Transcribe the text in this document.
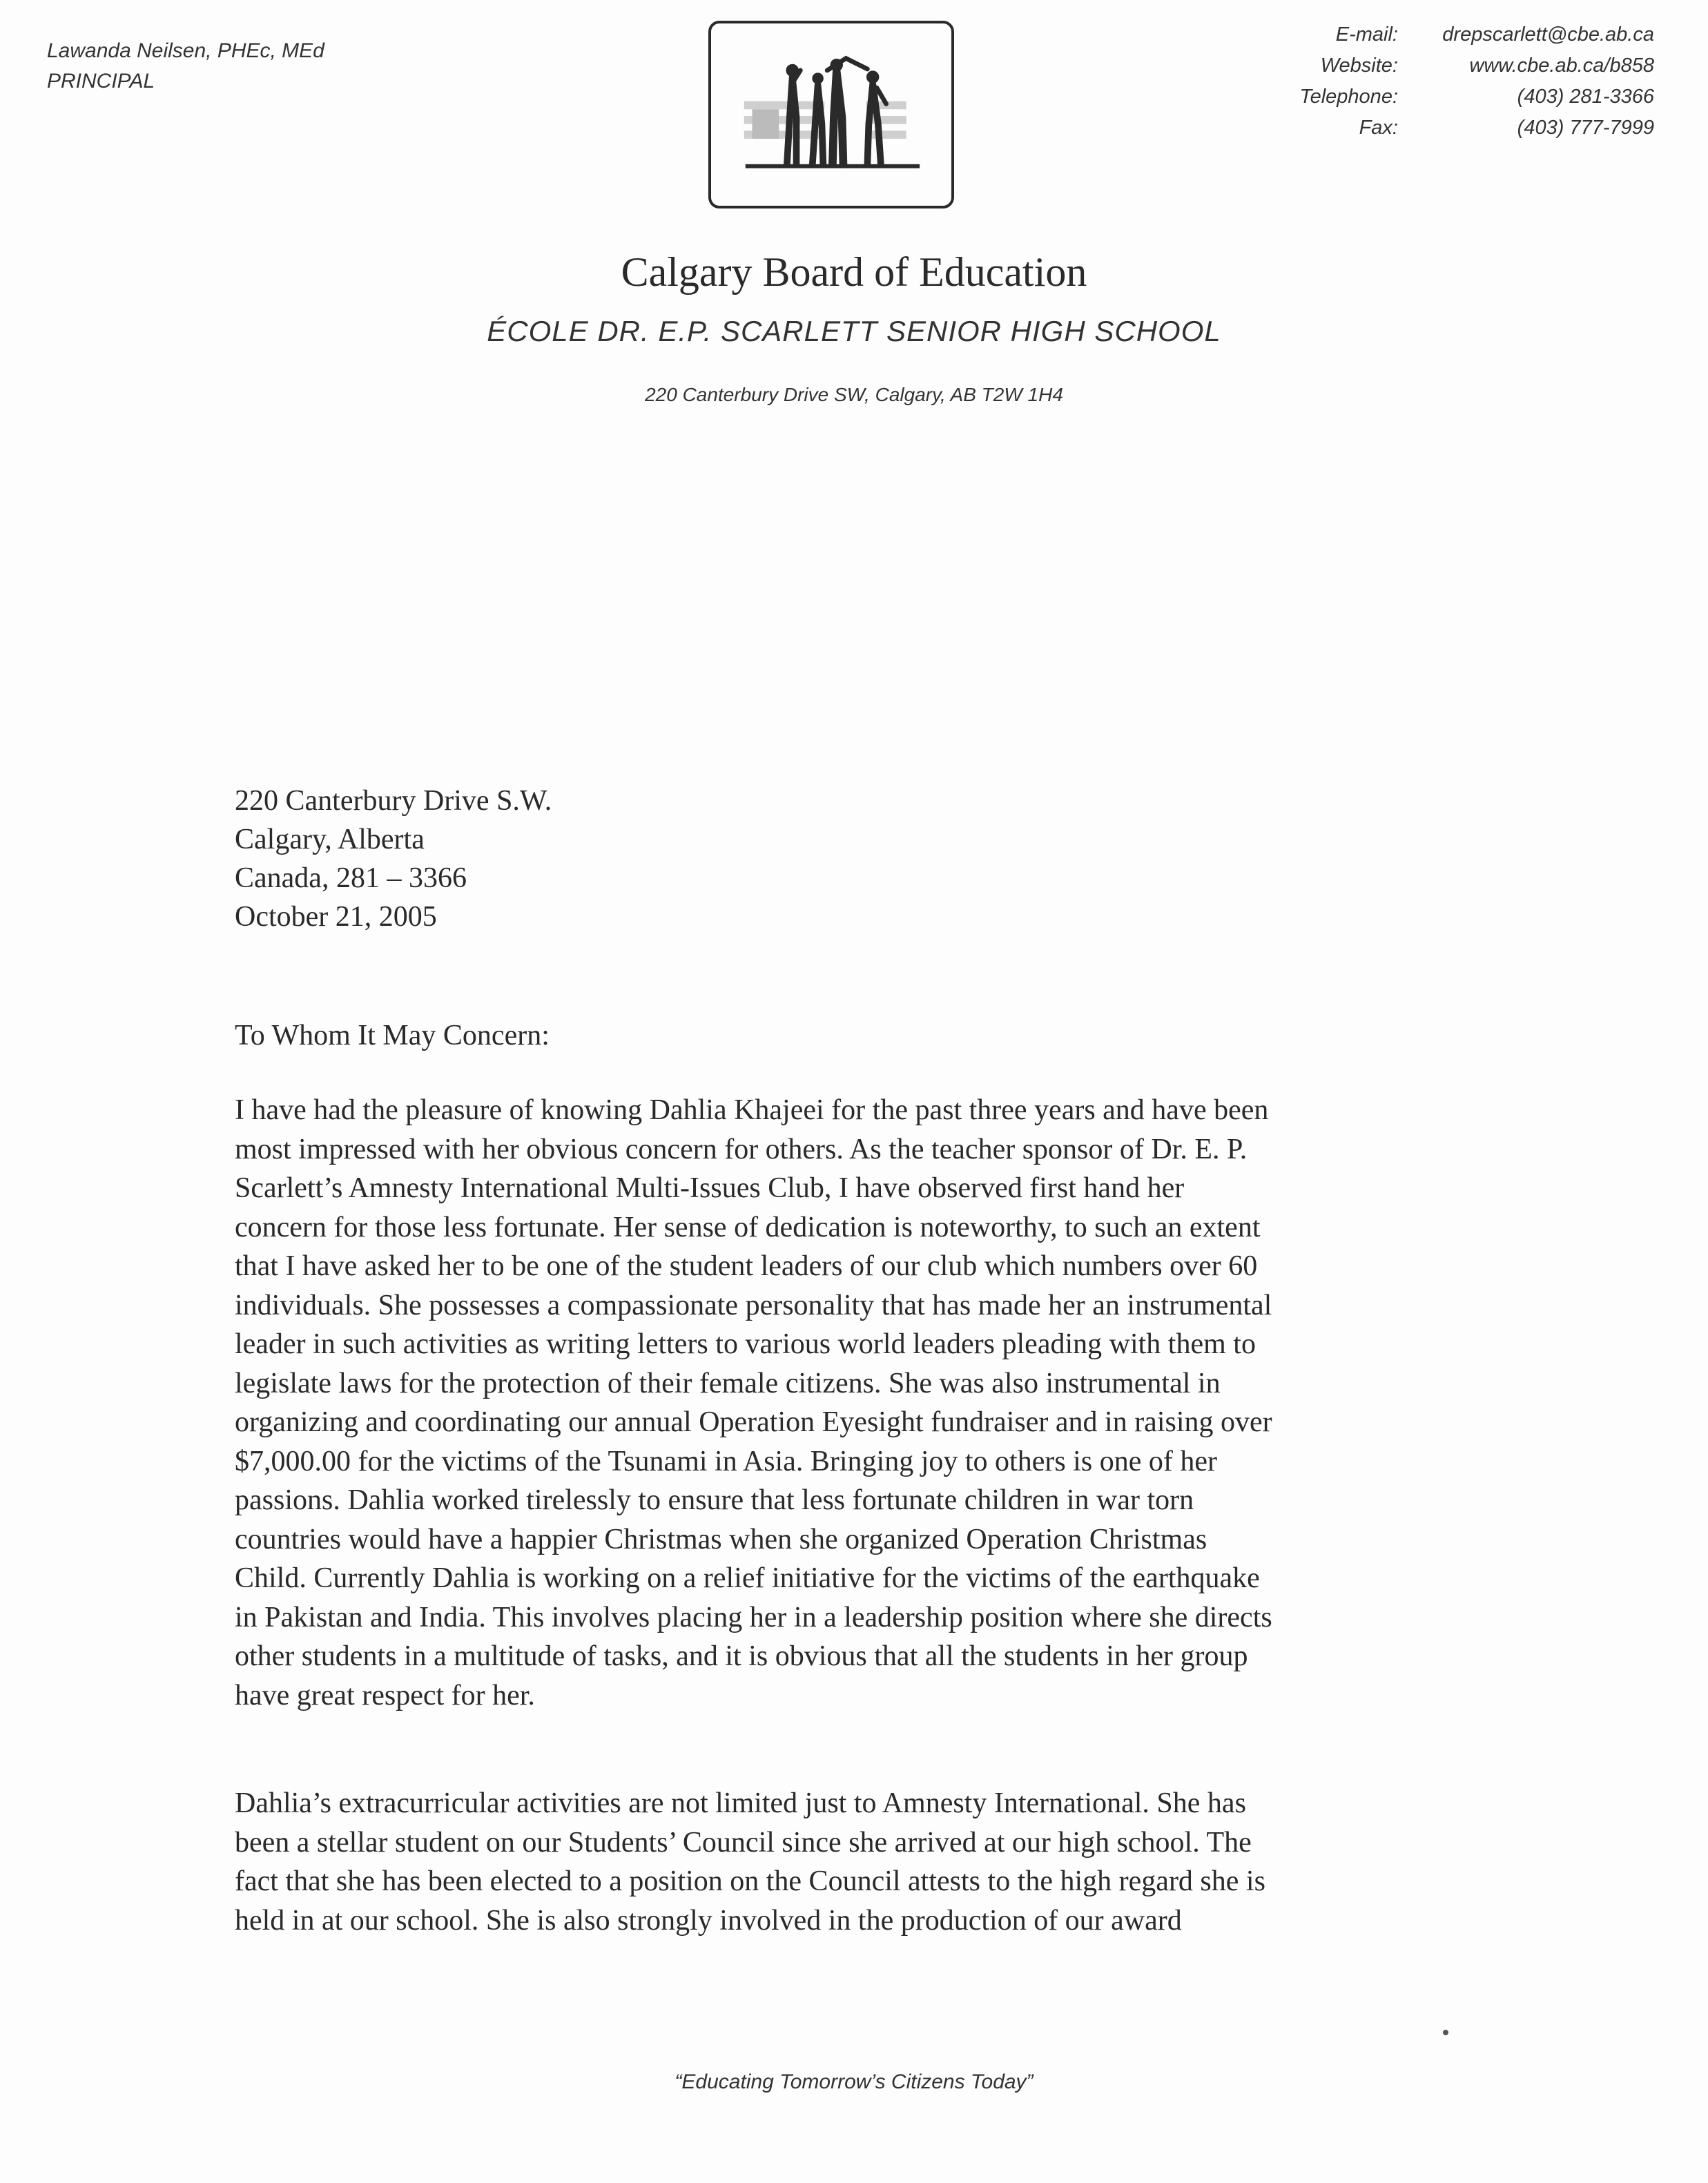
Lawanda Neilsen, PHEc, MEd
PRINCIPAL
E-mail:	drepscarlett@cbe.ab.ca
Website:	www.cbe.ab.ca/b858
Telephone:	(403) 281-3366
Fax:	(403) 777-7999
Calgary Board of Education
ÉCOLE DR. E.P. SCARLETT SENIOR HIGH SCHOOL
220 Canterbury Drive SW, Calgary, AB T2W 1H4
220 Canterbury Drive S.W.
Calgary, Alberta
Canada, 281 – 3366
October 21, 2005
To Whom It May Concern:
I have had the pleasure of knowing Dahlia Khajeei for the past three years and have been
most impressed with her obvious concern for others. As the teacher sponsor of Dr. E. P.
Scarlett’s Amnesty International Multi-Issues Club, I have observed first hand her
concern for those less fortunate. Her sense of dedication is noteworthy, to such an extent
that I have asked her to be one of the student leaders of our club which numbers over 60
individuals. She possesses a compassionate personality that has made her an instrumental
leader in such activities as writing letters to various world leaders pleading with them to
legislate laws for the protection of their female citizens. She was also instrumental in
organizing and coordinating our annual Operation Eyesight fundraiser and in raising over
$7,000.00 for the victims of the Tsunami in Asia. Bringing joy to others is one of her
passions. Dahlia worked tirelessly to ensure that less fortunate children in war torn
countries would have a happier Christmas when she organized Operation Christmas
Child. Currently Dahlia is working on a relief initiative for the victims of the earthquake
in Pakistan and India. This involves placing her in a leadership position where she directs
other students in a multitude of tasks, and it is obvious that all the students in her group
have great respect for her.
Dahlia’s extracurricular activities are not limited just to Amnesty International. She has
been a stellar student on our Students’ Council since she arrived at our high school. The
fact that she has been elected to a position on the Council attests to the high regard she is
held in at our school. She is also strongly involved in the production of our award
“Educating Tomorrow’s Citizens Today”
